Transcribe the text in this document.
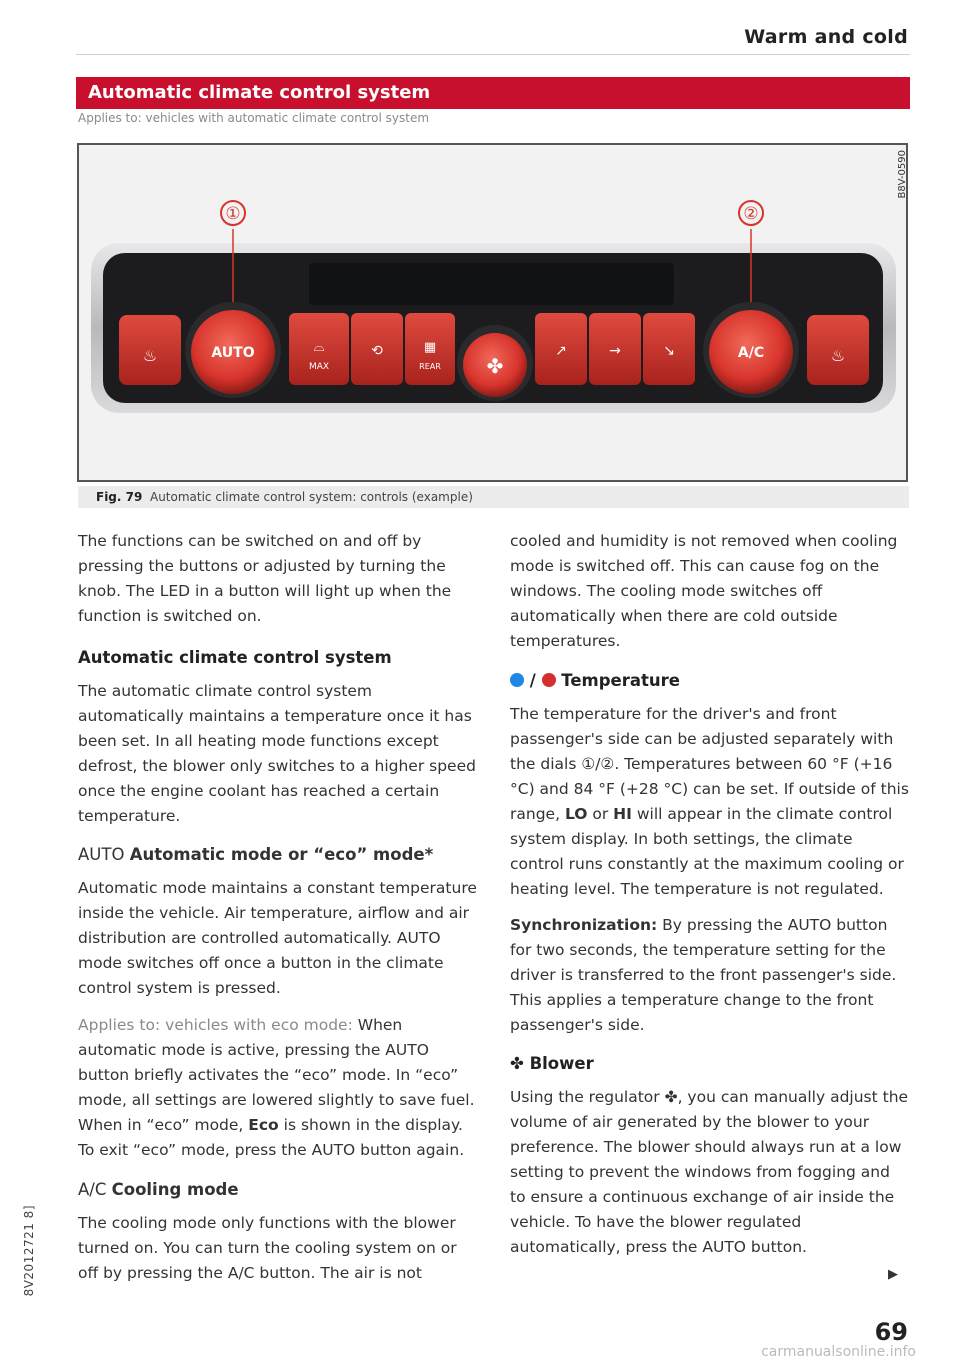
Warm and cold
Automatic climate control system
Applies to: vehicles with automatic climate control system
①	②
♨	♨
⌓
MAX
⟲	▦
REAR
↗	→	↘
✤
AUTO	A/C
B8V-0590
Fig. 79 Automatic climate control system: controls (example)

The functions can be switched on and off by pressing the buttons or adjusted by turning the knob. The LED in a button will light up when the function is switched on.

Automatic climate control system

The automatic climate control system automatically maintains a temperature once it has been set. In all heating mode functions except defrost, the blower only switches to a higher speed once the engine coolant has reached a certain temperature.

AUTO Automatic mode or “eco” mode*

Automatic mode maintains a constant temperature inside the vehicle. Air temperature, airflow and air distribution are controlled automatically. AUTO mode switches off once a button in the climate control system is pressed.

Applies to: vehicles with eco mode: When automatic mode is active, pressing the AUTO button briefly activates the “eco” mode. In “eco” mode, all settings are lowered slightly to save fuel. When in “eco” mode, Eco is shown in the display. To exit “eco” mode, press the AUTO button again.

A/C Cooling mode

The cooling mode only functions with the blower turned on. You can turn the cooling system on or off by pressing the A/C button. The air is not

cooled and humidity is not removed when cooling mode is switched off. This can cause fog on the windows. The cooling mode switches off automatically when there are cold outside temperatures.

/ Temperature

The temperature for the driver's and front passenger's side can be adjusted separately with the dials ①/②. Temperatures between 60 °F (+16 °C) and 84 °F (+28 °C) can be set. If outside of this range, LO or HI will appear in the climate control system display. In both settings, the climate control runs constantly at the maximum cooling or heating level. The temperature is not regulated.

Synchronization: By pressing the AUTO button for two seconds, the temperature setting for the driver is transferred to the front passenger's side. This applies a temperature change to the front passenger's side.

✤ Blower

Using the regulator ✤, you can manually adjust the volume of air generated by the blower to your preference. The blower should always run at a low setting to prevent the windows from fogging and to ensure a continuous exchange of air inside the vehicle. To have the blower regulated automatically, press the AUTO button.

▶
8V2012721 8]
69
carmanualsonline.info
